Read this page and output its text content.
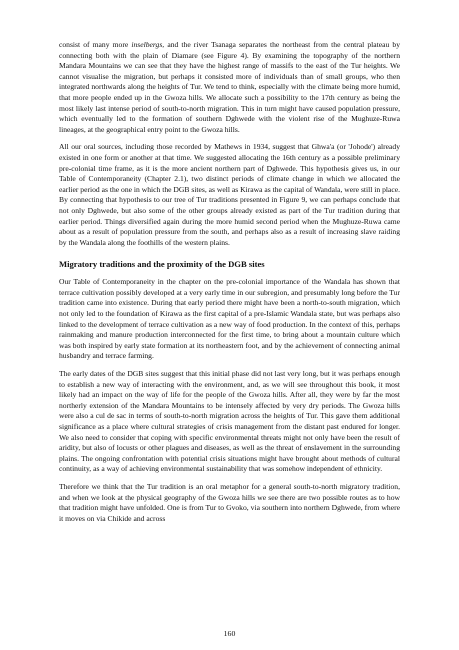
consist of many more inselbergs, and the river Tsanaga separates the northeast from the central plateau by connecting both with the plain of Diamare (see Figure 4). By examining the topography of the northern Mandara Mountains we can see that they have the highest range of massifs to the east of the Tur heights. We cannot visualise the migration, but perhaps it consisted more of individuals than of small groups, who then integrated northwards along the heights of Tur. We tend to think, especially with the climate being more humid, that more people ended up in the Gwoza hills. We allocate such a possibility to the 17th century as being the most likely last intense period of south-to-north migration. This in turn might have caused population pressure, which eventually led to the formation of southern Dghwede with the violent rise of the Mughuze-Ruwa lineages, at the geographical entry point to the Gwoza hills.

All our oral sources, including those recorded by Mathews in 1934, suggest that Ghwa'a (or 'Johode') already existed in one form or another at that time. We suggested allocating the 16th century as a possible preliminary pre-colonial time frame, as it is the more ancient northern part of Dghwede. This hypothesis gives us, in our Table of Contemporaneity (Chapter 2.1), two distinct periods of climate change in which we allocated the earlier period as the one in which the DGB sites, as well as Kirawa as the capital of Wandala, were still in place. By connecting that hypothesis to our tree of Tur traditions presented in Figure 9, we can perhaps conclude that not only Dghwede, but also some of the other groups already existed as part of the Tur tradition during that earlier period. Things diversified again during the more humid second period when the Mughuze-Ruwa came about as a result of population pressure from the south, and perhaps also as a result of increasing slave raiding by the Wandala along the foothills of the western plains.

Migratory traditions and the proximity of the DGB sites

Our Table of Contemporaneity in the chapter on the pre-colonial importance of the Wandala has shown that terrace cultivation possibly developed at a very early time in our subregion, and presumably long before the Tur tradition came into existence. During that early period there might have been a north-to-south migration, which not only led to the foundation of Kirawa as the first capital of a pre-Islamic Wandala state, but was perhaps also linked to the development of terrace cultivation as a new way of food production. In the context of this, perhaps rainmaking and manure production interconnected for the first time, to bring about a mountain culture which was both inspired by early state formation at its northeastern foot, and by the achievement of connecting animal husbandry and terrace farming.

The early dates of the DGB sites suggest that this initial phase did not last very long, but it was perhaps enough to establish a new way of interacting with the environment, and, as we will see throughout this book, it most likely had an impact on the way of life for the people of the Gwoza hills. After all, they were by far the most northerly extension of the Mandara Mountains to be intensely affected by very dry periods. The Gwoza hills were also a cul de sac in terms of south-to-north migration across the heights of Tur. This gave them additional significance as a place where cultural strategies of crisis management from the distant past endured for longer. We also need to consider that coping with specific environmental threats might not only have been the result of aridity, but also of locusts or other plagues and diseases, as well as the threat of enslavement in the surrounding plains. The ongoing confrontation with potential crisis situations might have brought about methods of cultural continuity, as a way of achieving environmental sustainability that was somehow independent of ethnicity.

Therefore we think that the Tur tradition is an oral metaphor for a general south-to-north migratory tradition, and when we look at the physical geography of the Gwoza hills we see there are two possible routes as to how that tradition might have unfolded. One is from Tur to Gvoko, via southern into northern Dghwede, from where it moves on via Chikide and across

160
